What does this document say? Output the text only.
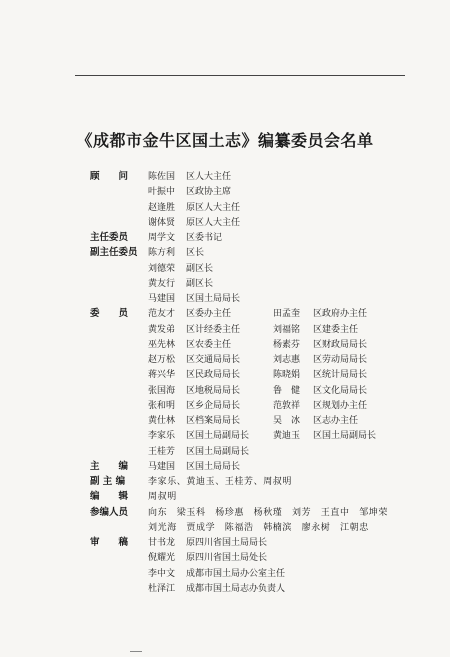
《成都市金牛区国土志》编纂委员会名单
顾　　问 陈佐国 区人大主任
叶振中 区政协主席
赵逢胜 原区人大主任
谢体贤 原区人大主任
主任委员 周学文 区委书记
副主任委员 陈方利 区长
刘德荣 副区长
黄友行 副区长
马建国 区国土局局长
委　　员 范友才 区委办主任	田孟奎 区政府办主任
黄发弟 区计经委主任	刘福铭 区建委主任
巫先林 区农委主任	杨素芬 区财政局局长
赵万松 区交通局局长	刘志惠 区劳动局局长
蒋兴华 区民政局局长	陈晓娟 区统计局局长
张国海 区地税局局长	鲁　健 区文化局局长
张和明 区乡企局局长	范敦祥 区规划办主任
黄仕林 区档案局局长	吴　冰 区志办主任
李家乐 区国土局副局长	黄迪玉 区国土局副局长
王桂芳 区国土局副局长
主　　编 马建国 区国土局局长
副 主 编	李家乐、黄迪玉、王桂芳、周叔明
编　　辑 周叔明
参编人员 向东　梁玉科　杨珍惠　杨秋瑾　刘芳　王直中　邹坤荣
刘光海　贾成学　陈福浩　韩楠滨　廖永树　江朝忠
审　　稿 甘书龙 原四川省国土局局长
倪耀光 原四川省国土局处长
李中文 成都市国土局办公室主任
杜泽江 成都市国土局志办负责人
